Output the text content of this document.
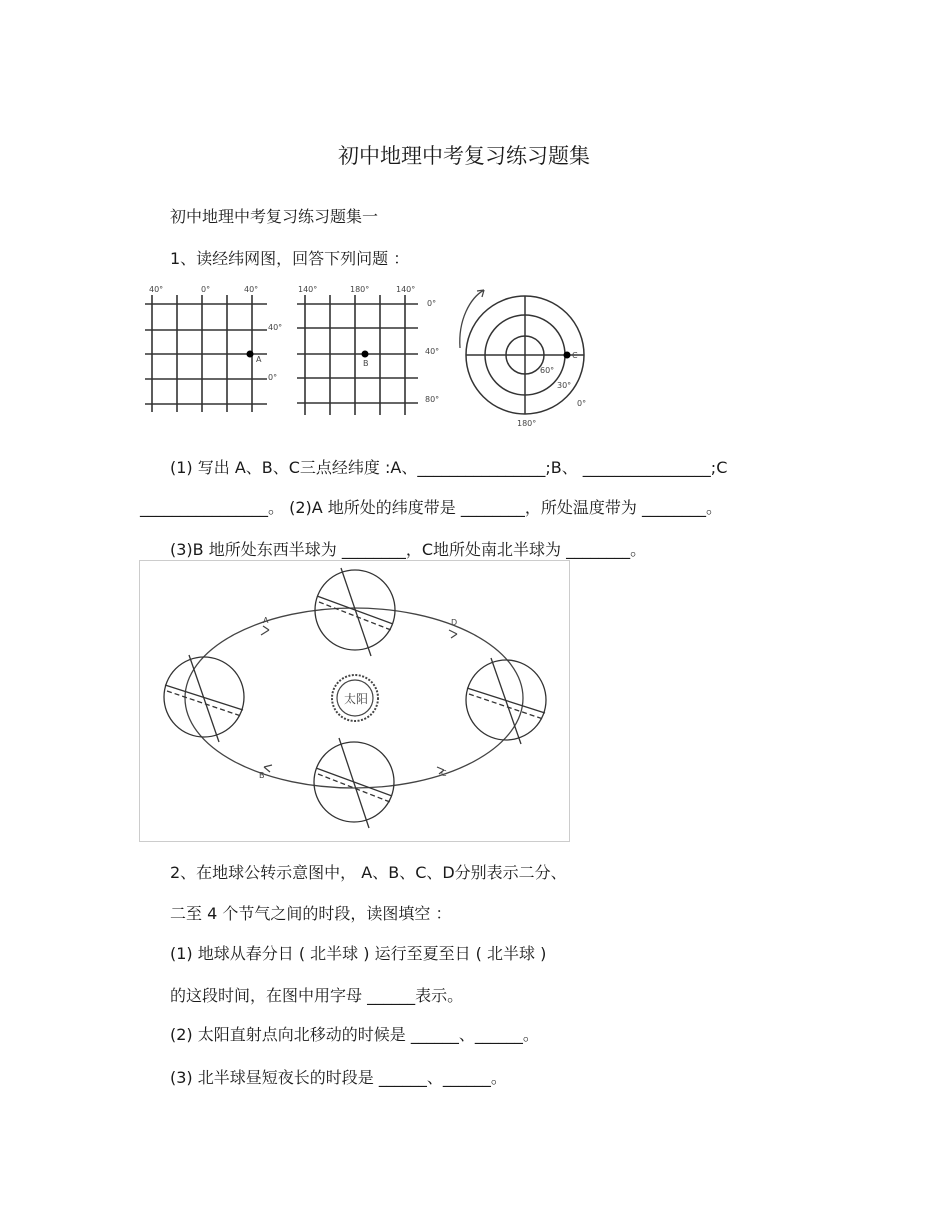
初中地理中考复习练习题集
初中地理中考复习练习题集一
1、读经纬网图，回答下列问题 ：
40°	0°	40°
40°
0°
A
140°	180°	140°
0°
40°
80°
B
C
60°
30°
0°
180°
(1) 写出 A、B、C三点经纬度 :A、________________;B、 ________________;C
________________。 (2)A 地所处的纬度带是 ________，所处温度带为 ________。
(3)B 地所处东西半球为 ________，C地所处南北半球为 ________。
太阳
A	D
B	C
2、在地球公转示意图中， A、B、C、D分别表示二分、
二至 4 个节气之间的时段，读图填空 ：
(1) 地球从春分日 ( 北半球 ) 运行至夏至日 ( 北半球 )
的这段时间，在图中用字母 ______表示。
(2) 太阳直射点向北移动的时候是 ______、______。
(3) 北半球昼短夜长的时段是 ______、______。
